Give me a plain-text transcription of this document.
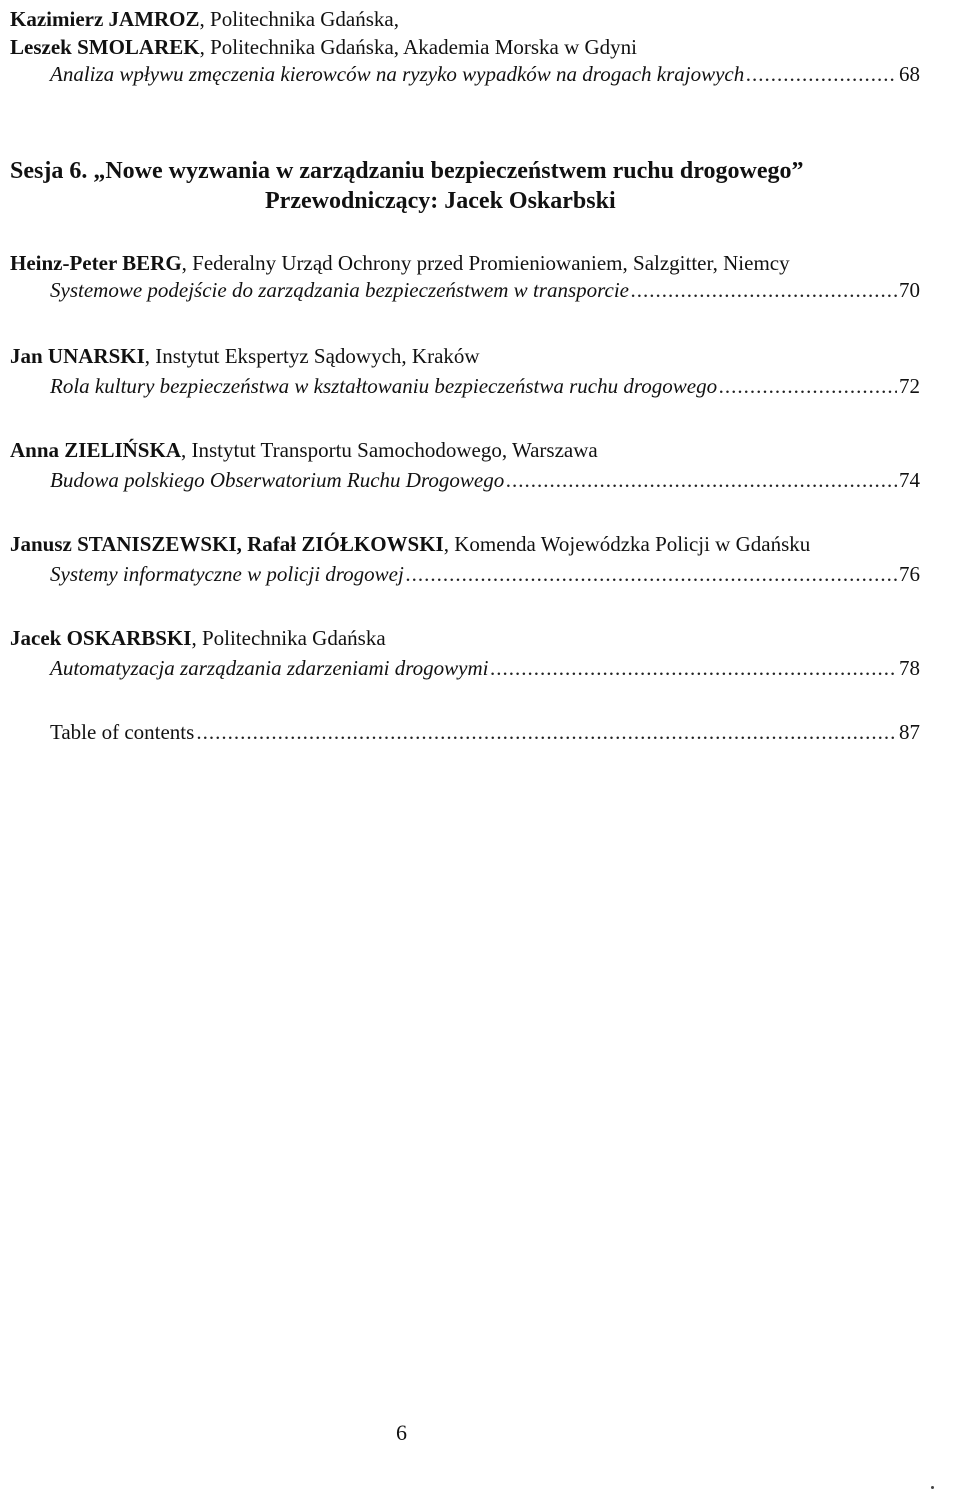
Kazimierz JAMROZ, Politechnika Gdańska,
Leszek SMOLAREK, Politechnika Gdańska, Akademia Morska w Gdyni
Analiza wpływu zmęczenia kierowców na ryzyko wypadków na drogach krajowych .....	68
Sesja 6. „Nowe wyzwania w zarządzaniu bezpieczeństwem ruchu drogowego”
Przewodniczący: Jacek Oskarbski
Heinz-Peter BERG, Federalny Urząd Ochrony przed Promieniowaniem, Salzgitter, Niemcy
Systemowe podejście do zarządzania bezpieczeństwem w transporcie .....	70
Jan UNARSKI, Instytut Ekspertyz Sądowych, Kraków
Rola kultury bezpieczeństwa w kształtowaniu bezpieczeństwa ruchu drogowego .....	72
Anna ZIELIŃSKA, Instytut Transportu Samochodowego, Warszawa
Budowa polskiego Obserwatorium Ruchu Drogowego .....	74
Janusz STANISZEWSKI, Rafał ZIÓŁKOWSKI, Komenda Wojewódzka Policji w Gdańsku
Systemy informatyczne w policji drogowej .....	76
Jacek OSKARBSKI, Politechnika Gdańska
Automatyzacja zarządzania zdarzeniami drogowymi .....	78
Table of contents .....	87
6
